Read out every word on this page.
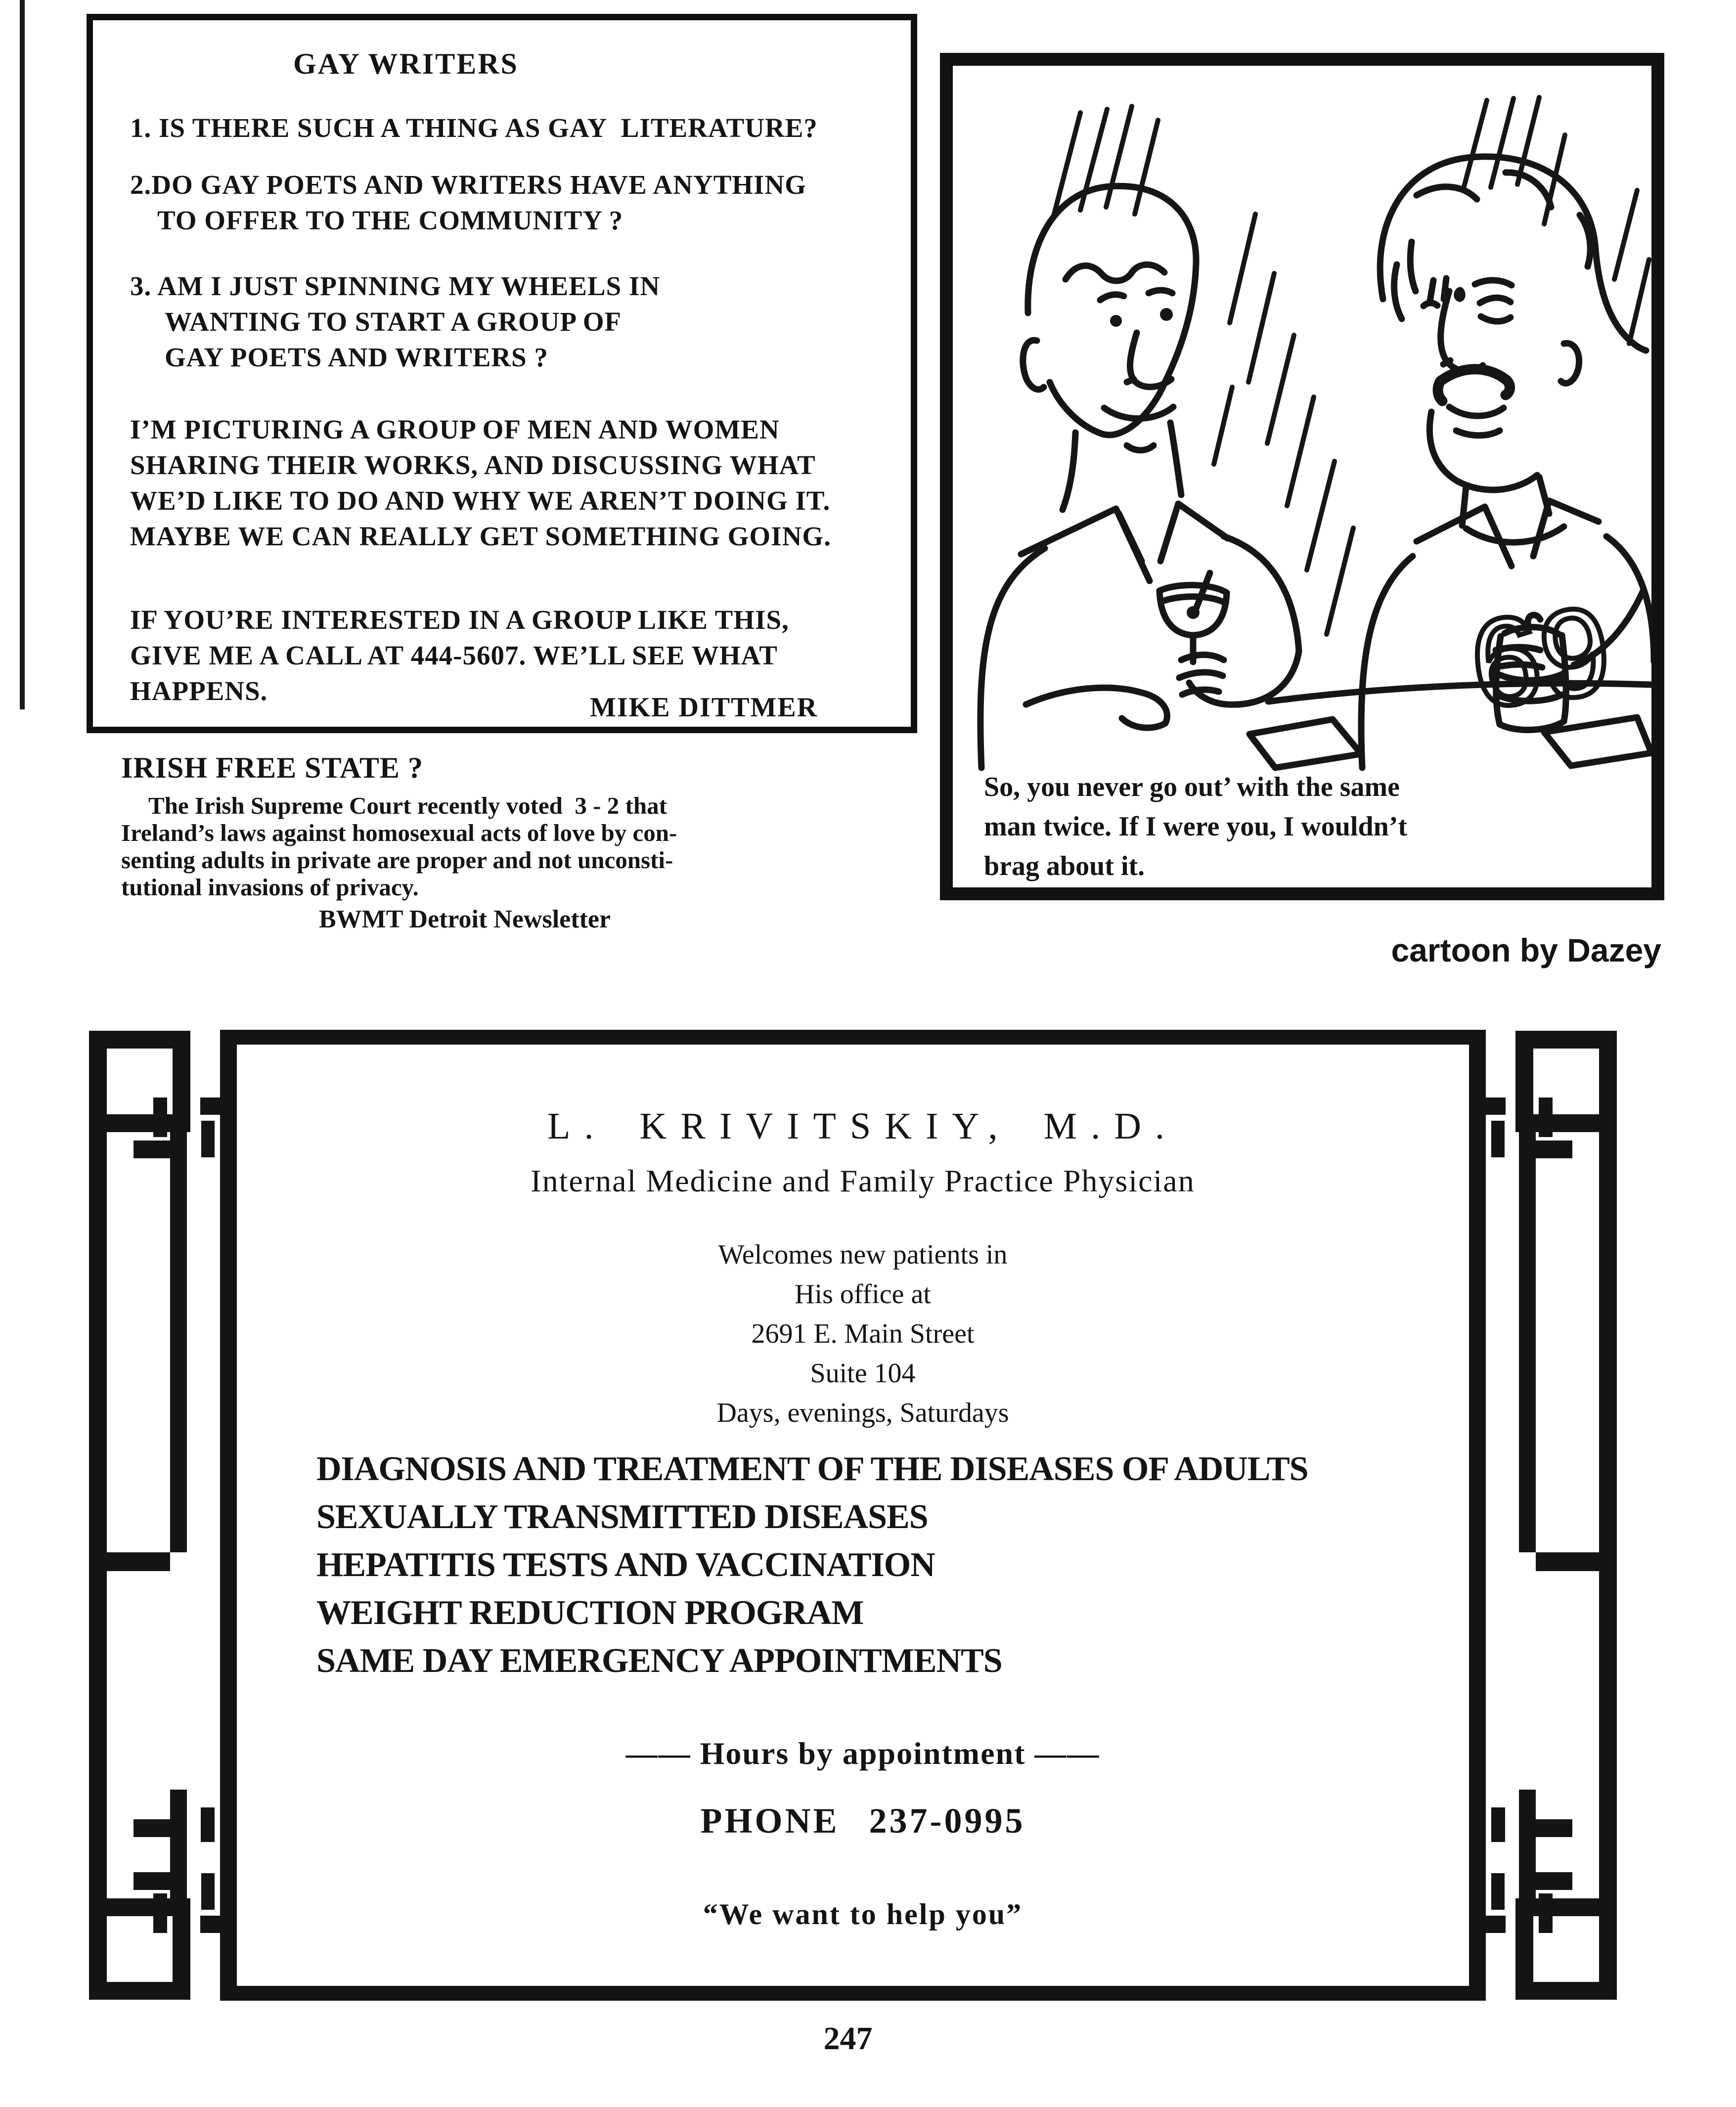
GAY WRITERS
1. IS THERE SUCH A THING AS GAY  LITERATURE?
2.DO GAY POETS AND WRITERS HAVE ANYTHING
TO OFFER TO THE COMMUNITY ?
3. AM I JUST SPINNING MY WHEELS IN
WANTING TO START A GROUP OF
GAY POETS AND WRITERS ?
I’M PICTURING A GROUP OF MEN AND WOMEN
SHARING THEIR WORKS, AND DISCUSSING WHAT
WE’D LIKE TO DO AND WHY WE AREN’T DOING IT.
MAYBE WE CAN REALLY GET SOMETHING GOING.
IF YOU’RE INTERESTED IN A GROUP LIKE THIS,
GIVE ME A CALL AT 444-5607. WE’LL SEE WHAT
HAPPENS.
MIKE DITTMER
IRISH FREE STATE ?
The Irish Supreme Court recently voted  3 - 2 that
Ireland’s laws against homosexual acts of love by con-
senting adults in private are proper and not unconsti-
tutional invasions of privacy.
BWMT Detroit Newsletter
69
So, you never go out’ with the same
man twice. If I were you, I wouldn’t
brag about it.
cartoon by Dazey
L. KRIVITSKIY, M.D.
Internal Medicine and Family Practice Physician
Welcomes new patients in
His office at
2691 E. Main Street
Suite 104
Days, evenings, Saturdays
DIAGNOSIS AND TREATMENT OF THE DISEASES OF ADULTS
SEXUALLY TRANSMITTED DISEASES
HEPATITIS TESTS AND VACCINATION
WEIGHT REDUCTION PROGRAM
SAME DAY EMERGENCY APPOINTMENTS
—— Hours by appointment ——
PHONE 237-0995
“We want to help you”
247
